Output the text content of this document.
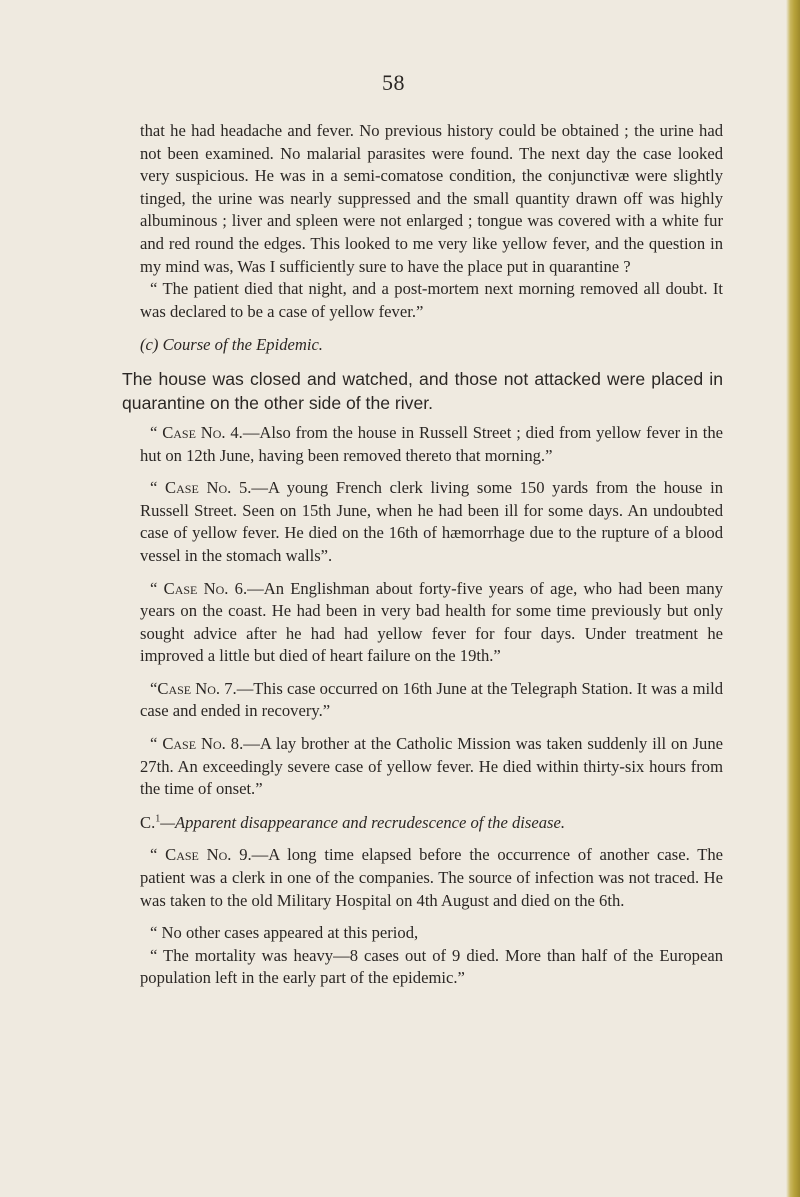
58

that he had headache and fever. No previous history could be obtained ; the urine had not been examined. No malarial parasites were found. The next day the case looked very suspicious. He was in a semi-comatose condition, the conjunctivæ were slightly tinged, the urine was nearly suppressed and the small quantity drawn off was highly albuminous ; liver and spleen were not enlarged ; tongue was covered with a white fur and red round the edges. This looked to me very like yellow fever, and the question in my mind was, Was I sufficiently sure to have the place put in quarantine ?

“ The patient died that night, and a post-mortem next morning removed all doubt. It was declared to be a case of yellow fever.”

(c) Course of the Epidemic.

The house was closed and watched, and those not attacked were placed in quarantine on the other side of the river.

“ Case No. 4.—Also from the house in Russell Street ; died from yellow fever in the hut on 12th June, having been removed thereto that morning.”

“ Case No. 5.—A young French clerk living some 150 yards from the house in Russell Street. Seen on 15th June, when he had been ill for some days. An undoubted case of yellow fever. He died on the 16th of hæmorrhage due to the rupture of a blood vessel in the stomach walls”.

“ Case No. 6.—An Englishman about forty-five years of age, who had been many years on the coast. He had been in very bad health for some time previously but only sought advice after he had had yellow fever for four days. Under treatment he improved a little but died of heart failure on the 19th.”

“Case No. 7.—This case occurred on 16th June at the Telegraph Station. It was a mild case and ended in recovery.”

“ Case No. 8.—A lay brother at the Catholic Mission was taken suddenly ill on June 27th. An exceedingly severe case of yellow fever. He died within thirty-six hours from the time of onset.”

C.$^1$—Apparent disappearance and recrudescence of the disease.

“ Case No. 9.—A long time elapsed before the occurrence of another case. The patient was a clerk in one of the companies. The source of infection was not traced. He was taken to the old Military Hospital on 4th August and died on the 6th.

“ No other cases appeared at this period,

“ The mortality was heavy—8 cases out of 9 died. More than half of the European population left in the early part of the epidemic.”
